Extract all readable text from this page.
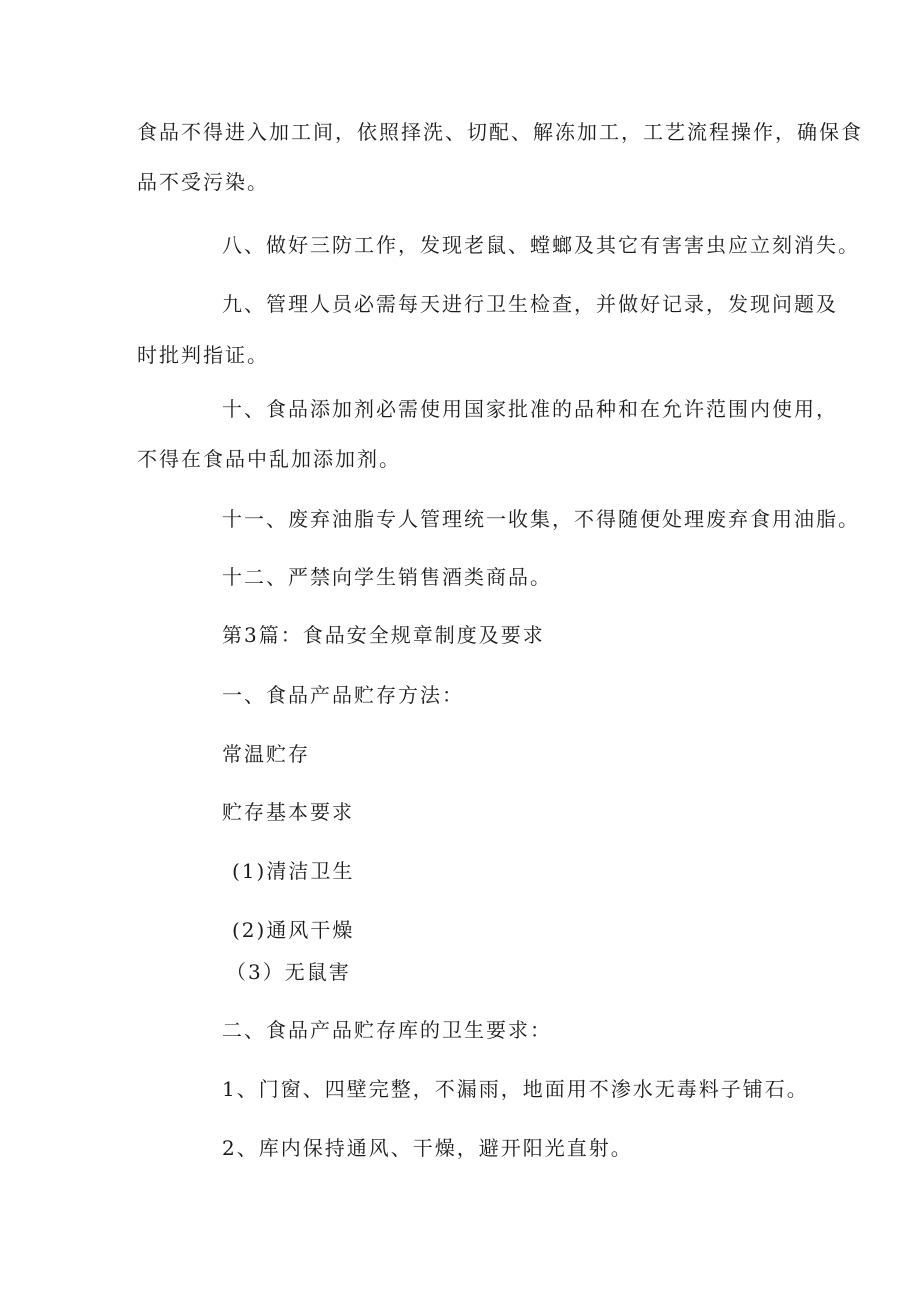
食品不得进入加工间，依照择洗、切配、解冻加工，工艺流程操作，确保食
品不受污染。
八、做好三防工作，发现老鼠、螳螂及其它有害害虫应立刻消失。
九、管理人员必需每天进行卫生检查，并做好记录，发现问题及
时批判指证。
十、食品添加剂必需使用国家批准的品种和在允许范围内使用，
不得在食品中乱加添加剂。
十一、废弃油脂专人管理统一收集，不得随便处理废弃食用油脂。
十二、严禁向学生销售酒类商品。
第3篇：食品安全规章制度及要求
一、食品产品贮存方法：
常温贮存
贮存基本要求
(1)清洁卫生
(2)通风干燥
（3）无鼠害
二、食品产品贮存库的卫生要求：
1、门窗、四壁完整，不漏雨，地面用不渗水无毒料子铺石。
2、库内保持通风、干燥，避开阳光直射。
